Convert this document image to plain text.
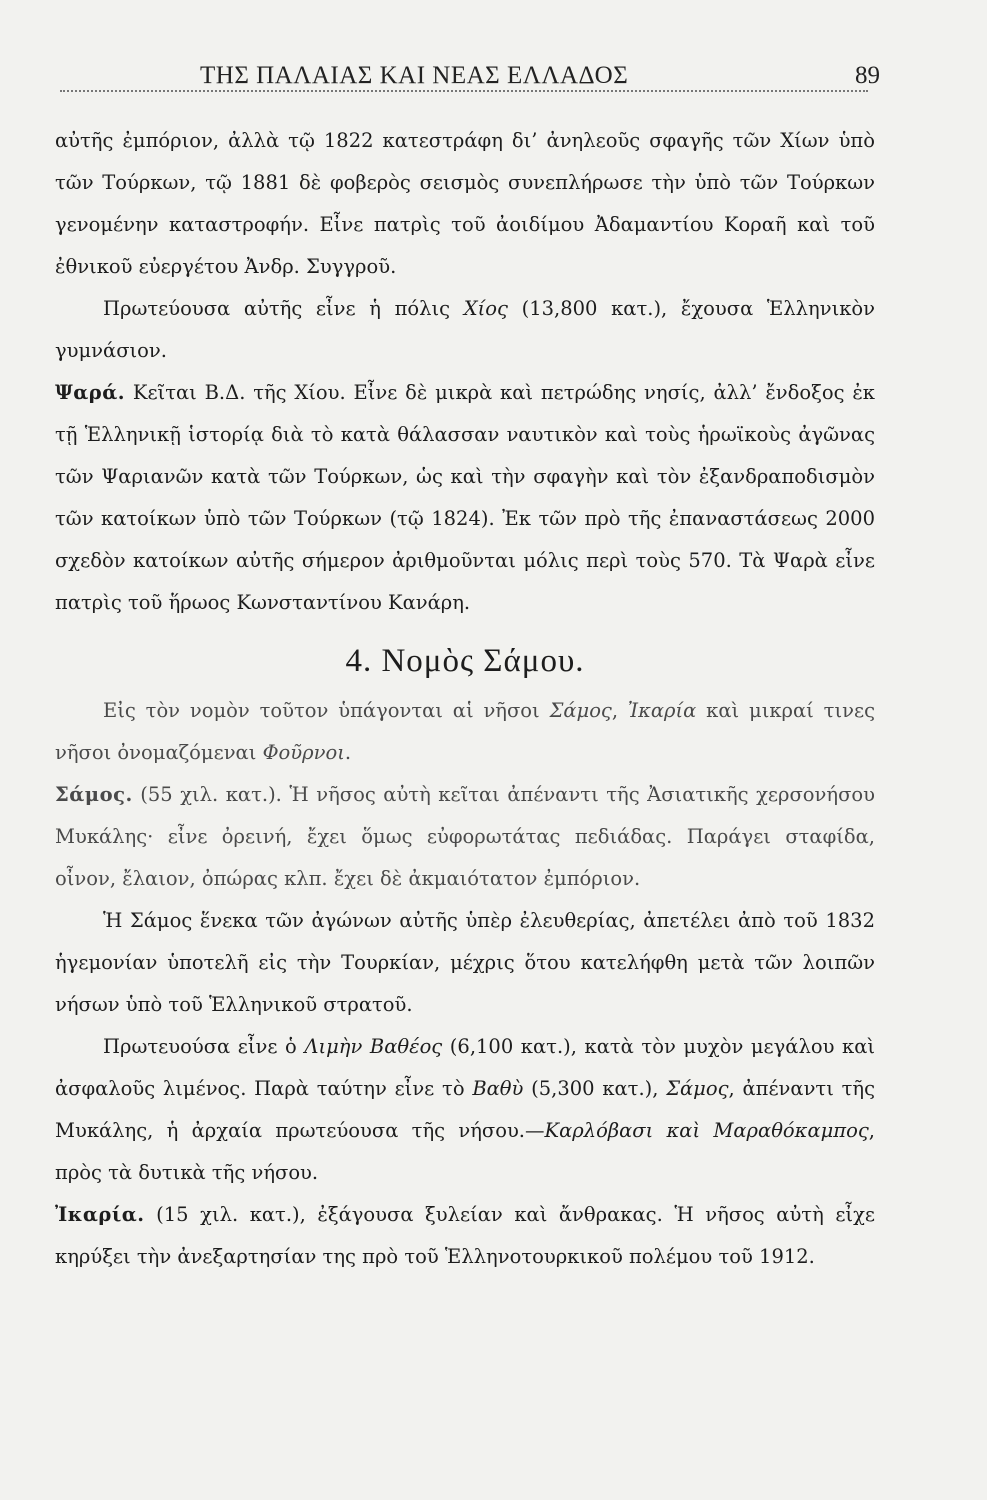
ΤΗΣ ΠΑΛΑΙΑΣ ΚΑΙ ΝΕΑΣ ΕΛΛΑΔΟΣ	89

αὐτῆς ἐμπόριον, ἀλλὰ τῷ 1822 κατεστράφη δι’ ἀνηλεοῦς σφαγῆς τῶν Χίων ὑπὸ τῶν Τούρκων, τῷ 1881 δὲ φοβερὸς σεισμὸς συνεπλήρωσε τὴν ὑπὸ τῶν Τούρκων γενομένην καταστροφήν. Εἶνε πατρὶς τοῦ ἀοιδίμου Ἀδαμαντίου Κοραῆ καὶ τοῦ ἐθνικοῦ εὐεργέτου Ἀνδρ. Συγγροῦ.

Πρωτεύουσα αὐτῆς εἶνε ἡ πόλις Χίος (13,800 κατ.), ἔχουσα Ἑλληνικὸν γυμνάσιον.

Ψαρά. Κεῖται Β.Δ. τῆς Χίου. Εἶνε δὲ μικρὰ καὶ πετρώδης νησίς, ἀλλ’ ἔνδοξος ἐκ τῇ Ἑλληνικῇ ἱστορίᾳ διὰ τὸ κατὰ θάλασσαν ναυτικὸν καὶ τοὺς ἡρωϊκοὺς ἀγῶνας τῶν Ψαριανῶν κατὰ τῶν Τούρκων, ὡς καὶ τὴν σφαγὴν καὶ τὸν ἐξανδραποδισμὸν τῶν κατοίκων ὑπὸ τῶν Τούρκων (τῷ 1824). Ἐκ τῶν πρὸ τῆς ἐπαναστάσεως 2000 σχεδὸν κατοίκων αὐτῆς σήμερον ἀριθμοῦνται μόλις περὶ τοὺς 570. Τὰ Ψαρὰ εἶνε πατρὶς τοῦ ἥρωος Κωνσταντίνου Κανάρη.

4. Νομὸς Σάμου.

Εἰς τὸν νομὸν τοῦτον ὑπάγονται αἱ νῆσοι Σάμος, Ἰκαρία καὶ μικραί τινες νῆσοι ὀνομαζόμεναι Φοῦρνοι.

Σάμος. (55 χιλ. κατ.). Ἡ νῆσος αὐτὴ κεῖται ἀπέναντι τῆς Ἀσιατικῆς χερσονήσου Μυκάλης· εἶνε ὀρεινή, ἔχει ὅμως εὐφορωτάτας πεδιάδας. Παράγει σταφίδα, οἶνον, ἔλαιον, ὀπώρας κλπ. ἔχει δὲ ἀκμαιότατον ἐμπόριον.

Ἡ Σάμος ἕνεκα τῶν ἀγώνων αὐτῆς ὑπὲρ ἐλευθερίας, ἀπετέλει ἀπὸ τοῦ 1832 ἡγεμονίαν ὑποτελῆ εἰς τὴν Τουρκίαν, μέχρις ὅτου κατελήφθη μετὰ τῶν λοιπῶν νήσων ὑπὸ τοῦ Ἑλληνικοῦ στρατοῦ.

Πρωτευούσα εἶνε ὁ Λιμὴν Βαθέος (6,100 κατ.), κατὰ τὸν μυχὸν μεγάλου καὶ ἀσφαλοῦς λιμένος. Παρὰ ταύτην εἶνε τὸ Βαθὺ (5,300 κατ.), Σάμος, ἀπέναντι τῆς Μυκάλης, ἡ ἀρχαία πρωτεύουσα τῆς νήσου.—Καρλόβασι καὶ Μαραθόκαμπος, πρὸς τὰ δυτικὰ τῆς νήσου.

Ἰκαρία. (15 χιλ. κατ.), ἐξάγουσα ξυλείαν καὶ ἄνθρακας. Ἡ νῆσος αὐτὴ εἶχε κηρύξει τὴν ἀνεξαρτησίαν της πρὸ τοῦ Ἑλληνοτουρκικοῦ πολέμου τοῦ 1912.
